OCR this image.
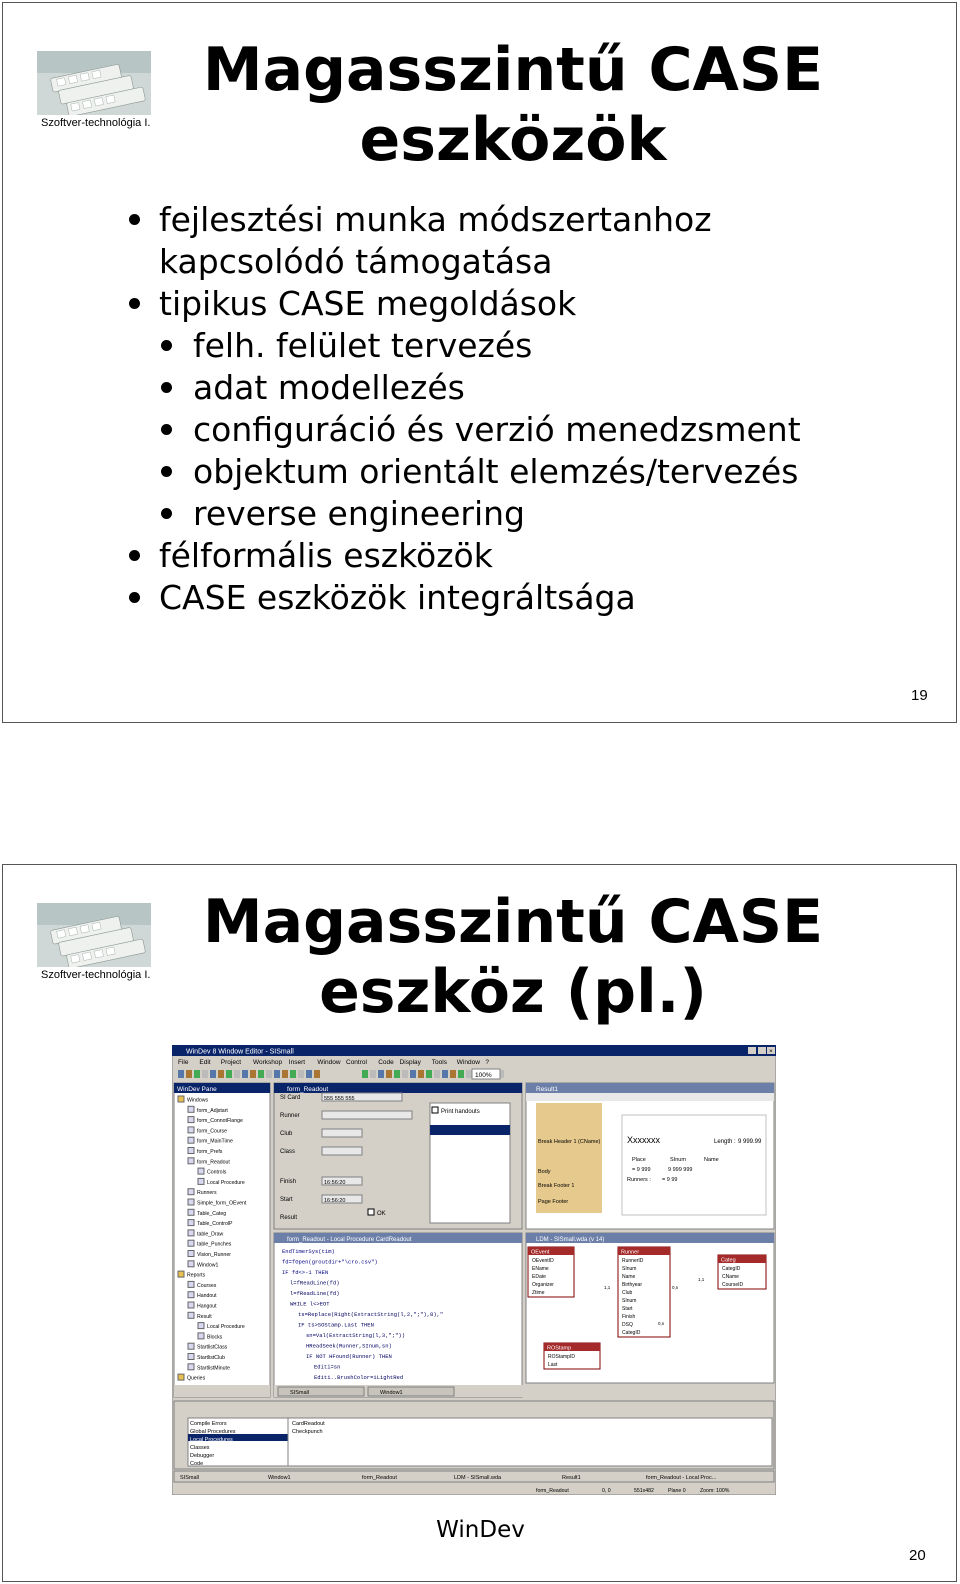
Szoftver-technológia I.
Magasszintű CASE
eszközök
fejlesztési munka módszertanhoz
kapcsolódó támogatása
tipikus CASE megoldások
felh. felület tervezés
adat modellezés
configuráció és verzió menedzsment
objektum orientált elemzés/tervezés
reverse engineering
félformális eszközök
CASE eszközök integráltsága
19
Szoftver-technológia I.
Magasszintű CASE
eszköz (pl.)
WinDev
20
WinDev 8 Window Editor - SISmall	×
File Edit Project Workshop Insert Window Control Code Display Tools Window ?
100%
WinDev Pane
Windows
form_Adjstart
form_ConnotFlange
form_Course
form_MainTime
form_Prefs
form_Readout
Controls
Local Procedure
Runners
Simple_form_OEvent
Table_Categ
Table_ControlP
table_Draw
table_Punches
Vision_Runner
Window1
Reports
Courses
Handout
Hangout
Result
Local Procedure
Blocks
StartlistClass
StartlistClub
StartlistMinute
Queries
form_Readout
SI Card
Runner
Club
Class
Finish
Start
Result
555 555 555
16:56:20
16:56:20
Print handouts
OK
Result1
Break Header 1 (CName)
Body
Break Footer 1
Page Footer
Xxxxxxx	Length : 9 999.99
Place	SInum	Name
= 9 999	9 999 999
Runners : = 9 99
form_Readout - Local Procedure CardReadout
EndTimerSys(tim)
fd=fOpen(groutdir+"\cro.csv")
IF fd<>-1 THEN
l=fReadLine(fd)
l=fReadLine(fd)
WHILE l<>EOT
ts=Replace(Right(ExtractString(l,2,";"),8),"
IF ts>SOStamp.Last THEN
sn=Val(ExtractString(l,3,";"))
HReadSeek(Runner,SInum,sn)
IF NOT HFound(Runner) THEN
Editi=sn
Editi..BrushColor=iLightRed
LDM - SISmall.wda (v 14)
OEvent
OEventID
EName
EDate
Organizer
Ztime
Runner
RunnerID
SInum
Name
Birthyear
Club
SInum
Start
Finish
DSQ
CategID
Categ
CategID
CName
CourseID
ROStamp
ROStampID
Last
1,1	0,n
1,1
0,n
SISmall	Window1
Compile Errors
Global Procedures
Local Procedures
Classes
Debugger
Code
CardReadout
Checkpunch
SISmall	Window1	form_Readout	LDM - SISmall.wda	Result1	form_Readout - Local Proc...
form_Readout	0, 0	551x482	Plane 0	Zoom: 100%
